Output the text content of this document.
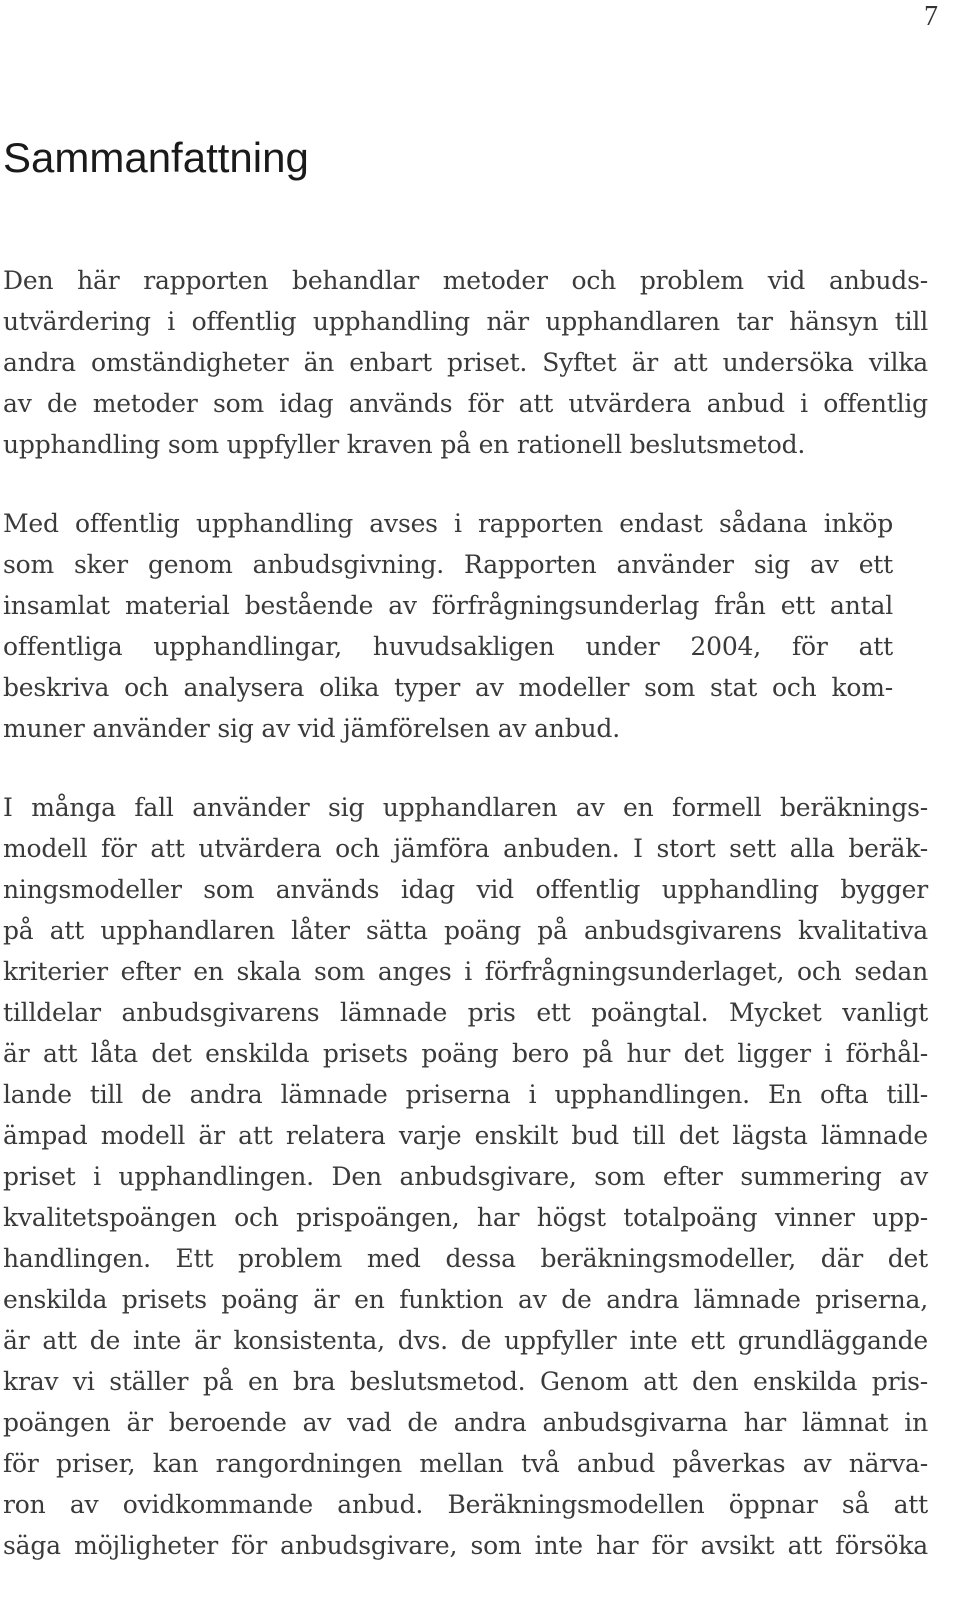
7
Sammanfattning
Den här rapporten behandlar metoder och problem vid anbuds-
utvärdering i offentlig upphandling när upphandlaren tar hänsyn till
andra omständigheter än enbart priset. Syftet är att undersöka vilka
av de metoder som idag används för att utvärdera anbud i offentlig
upphandling som uppfyller kraven på en rationell beslutsmetod.
Med offentlig upphandling avses i rapporten endast sådana inköp
som sker genom anbudsgivning. Rapporten använder sig av ett
insamlat material bestående av förfrågningsunderlag från ett antal
offentliga upphandlingar, huvudsakligen under 2004, för att
beskriva och analysera olika typer av modeller som stat och kom-
muner använder sig av vid jämförelsen av anbud.
I många fall använder sig upphandlaren av en formell beräknings-
modell för att utvärdera och jämföra anbuden. I stort sett alla beräk-
ningsmodeller som används idag vid offentlig upphandling bygger
på att upphandlaren låter sätta poäng på anbudsgivarens kvalitativa
kriterier efter en skala som anges i förfrågningsunderlaget, och sedan
tilldelar anbudsgivarens lämnade pris ett poängtal. Mycket vanligt
är att låta det enskilda prisets poäng bero på hur det ligger i förhål-
lande till de andra lämnade priserna i upphandlingen. En ofta till-
ämpad modell är att relatera varje enskilt bud till det lägsta lämnade
priset i upphandlingen. Den anbudsgivare, som efter summering av
kvalitetspoängen och prispoängen, har högst totalpoäng vinner upp-
handlingen. Ett problem med dessa beräkningsmodeller, där det
enskilda prisets poäng är en funktion av de andra lämnade priserna,
är att de inte är konsistenta, dvs. de uppfyller inte ett grundläggande
krav vi ställer på en bra beslutsmetod. Genom att den enskilda pris-
poängen är beroende av vad de andra anbudsgivarna har lämnat in
för priser, kan rangordningen mellan två anbud påverkas av närva-
ron av ovidkommande anbud. Beräkningsmodellen öppnar så att
säga möjligheter för anbudsgivare, som inte har för avsikt att försöka
